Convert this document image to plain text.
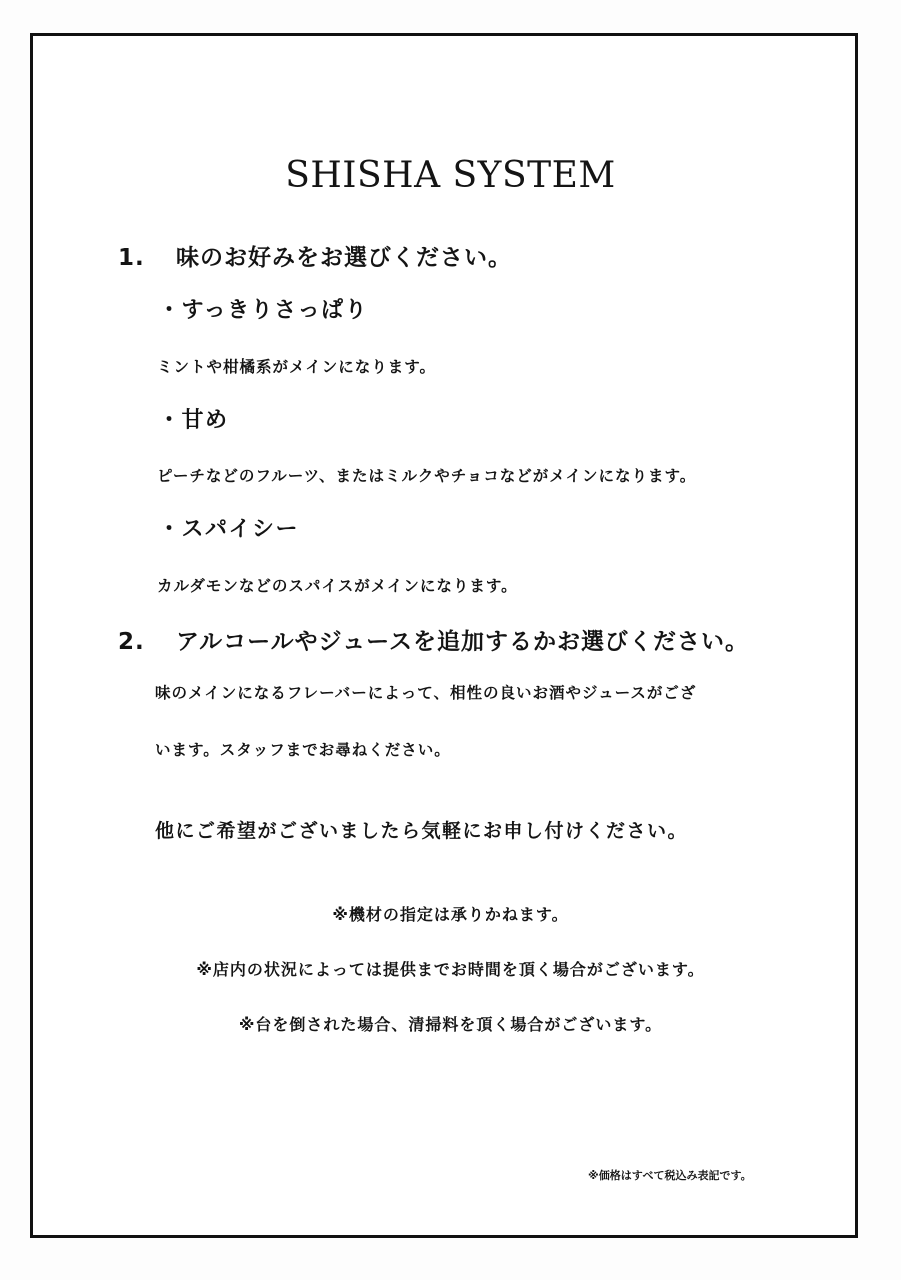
SHISHA SYSTEM
1. 味のお好みをお選びください。
・すっきりさっぱり
ミントや柑橘系がメインになります。
・甘め
ピーチなどのフルーツ、またはミルクやチョコなどがメインになります。
・スパイシー
カルダモンなどのスパイスがメインになります。
2. アルコールやジュースを追加するかお選びください。
味のメインになるフレーバーによって、相性の良いお酒やジュースがござ
います。スタッフまでお尋ねください。
他にご希望がございましたら気軽にお申し付けください。
※機材の指定は承りかねます。
※店内の状況によっては提供までお時間を頂く場合がございます。
※台を倒された場合、清掃料を頂く場合がございます。
※価格はすべて税込み表記です。
